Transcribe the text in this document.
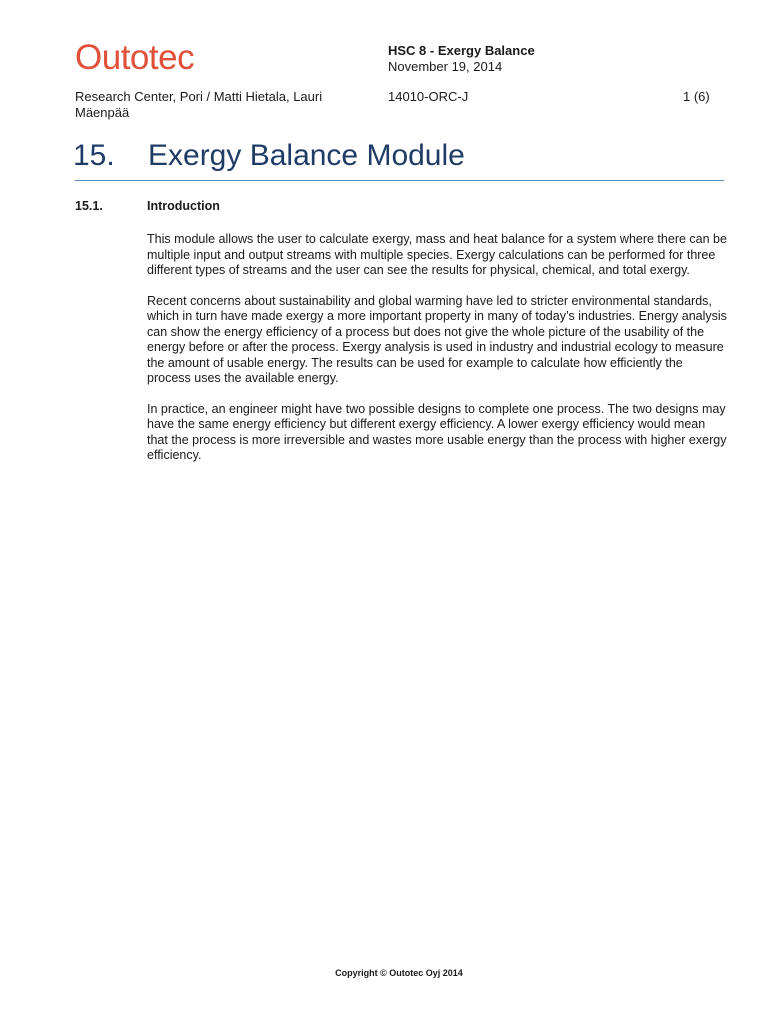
Outotec	HSC 8 - Exergy Balance
November 19, 2014
Research Center, Pori / Matti Hietala, Lauri Mäenpää
14010-ORC-J	1 (6)
15. Exergy Balance Module
15.1.	Introduction

This module allows the user to calculate exergy, mass and heat balance for a system where there can be multiple input and output streams with multiple species. Exergy calculations can be performed for three different types of streams and the user can see the results for physical, chemical, and total exergy.

Recent concerns about sustainability and global warming have led to stricter environmental standards, which in turn have made exergy a more important property in many of today’s industries. Energy analysis can show the energy efficiency of a process but does not give the whole picture of the usability of the energy before or after the process. Exergy analysis is used in industry and industrial ecology to measure the amount of usable energy. The results can be used for example to calculate how efficiently the process uses the available energy.

In practice, an engineer might have two possible designs to complete one process. The two designs may have the same energy efficiency but different exergy efficiency. A lower exergy efficiency would mean that the process is more irreversible and wastes more usable energy than the process with higher exergy efficiency.

Copyright © Outotec Oyj 2014
